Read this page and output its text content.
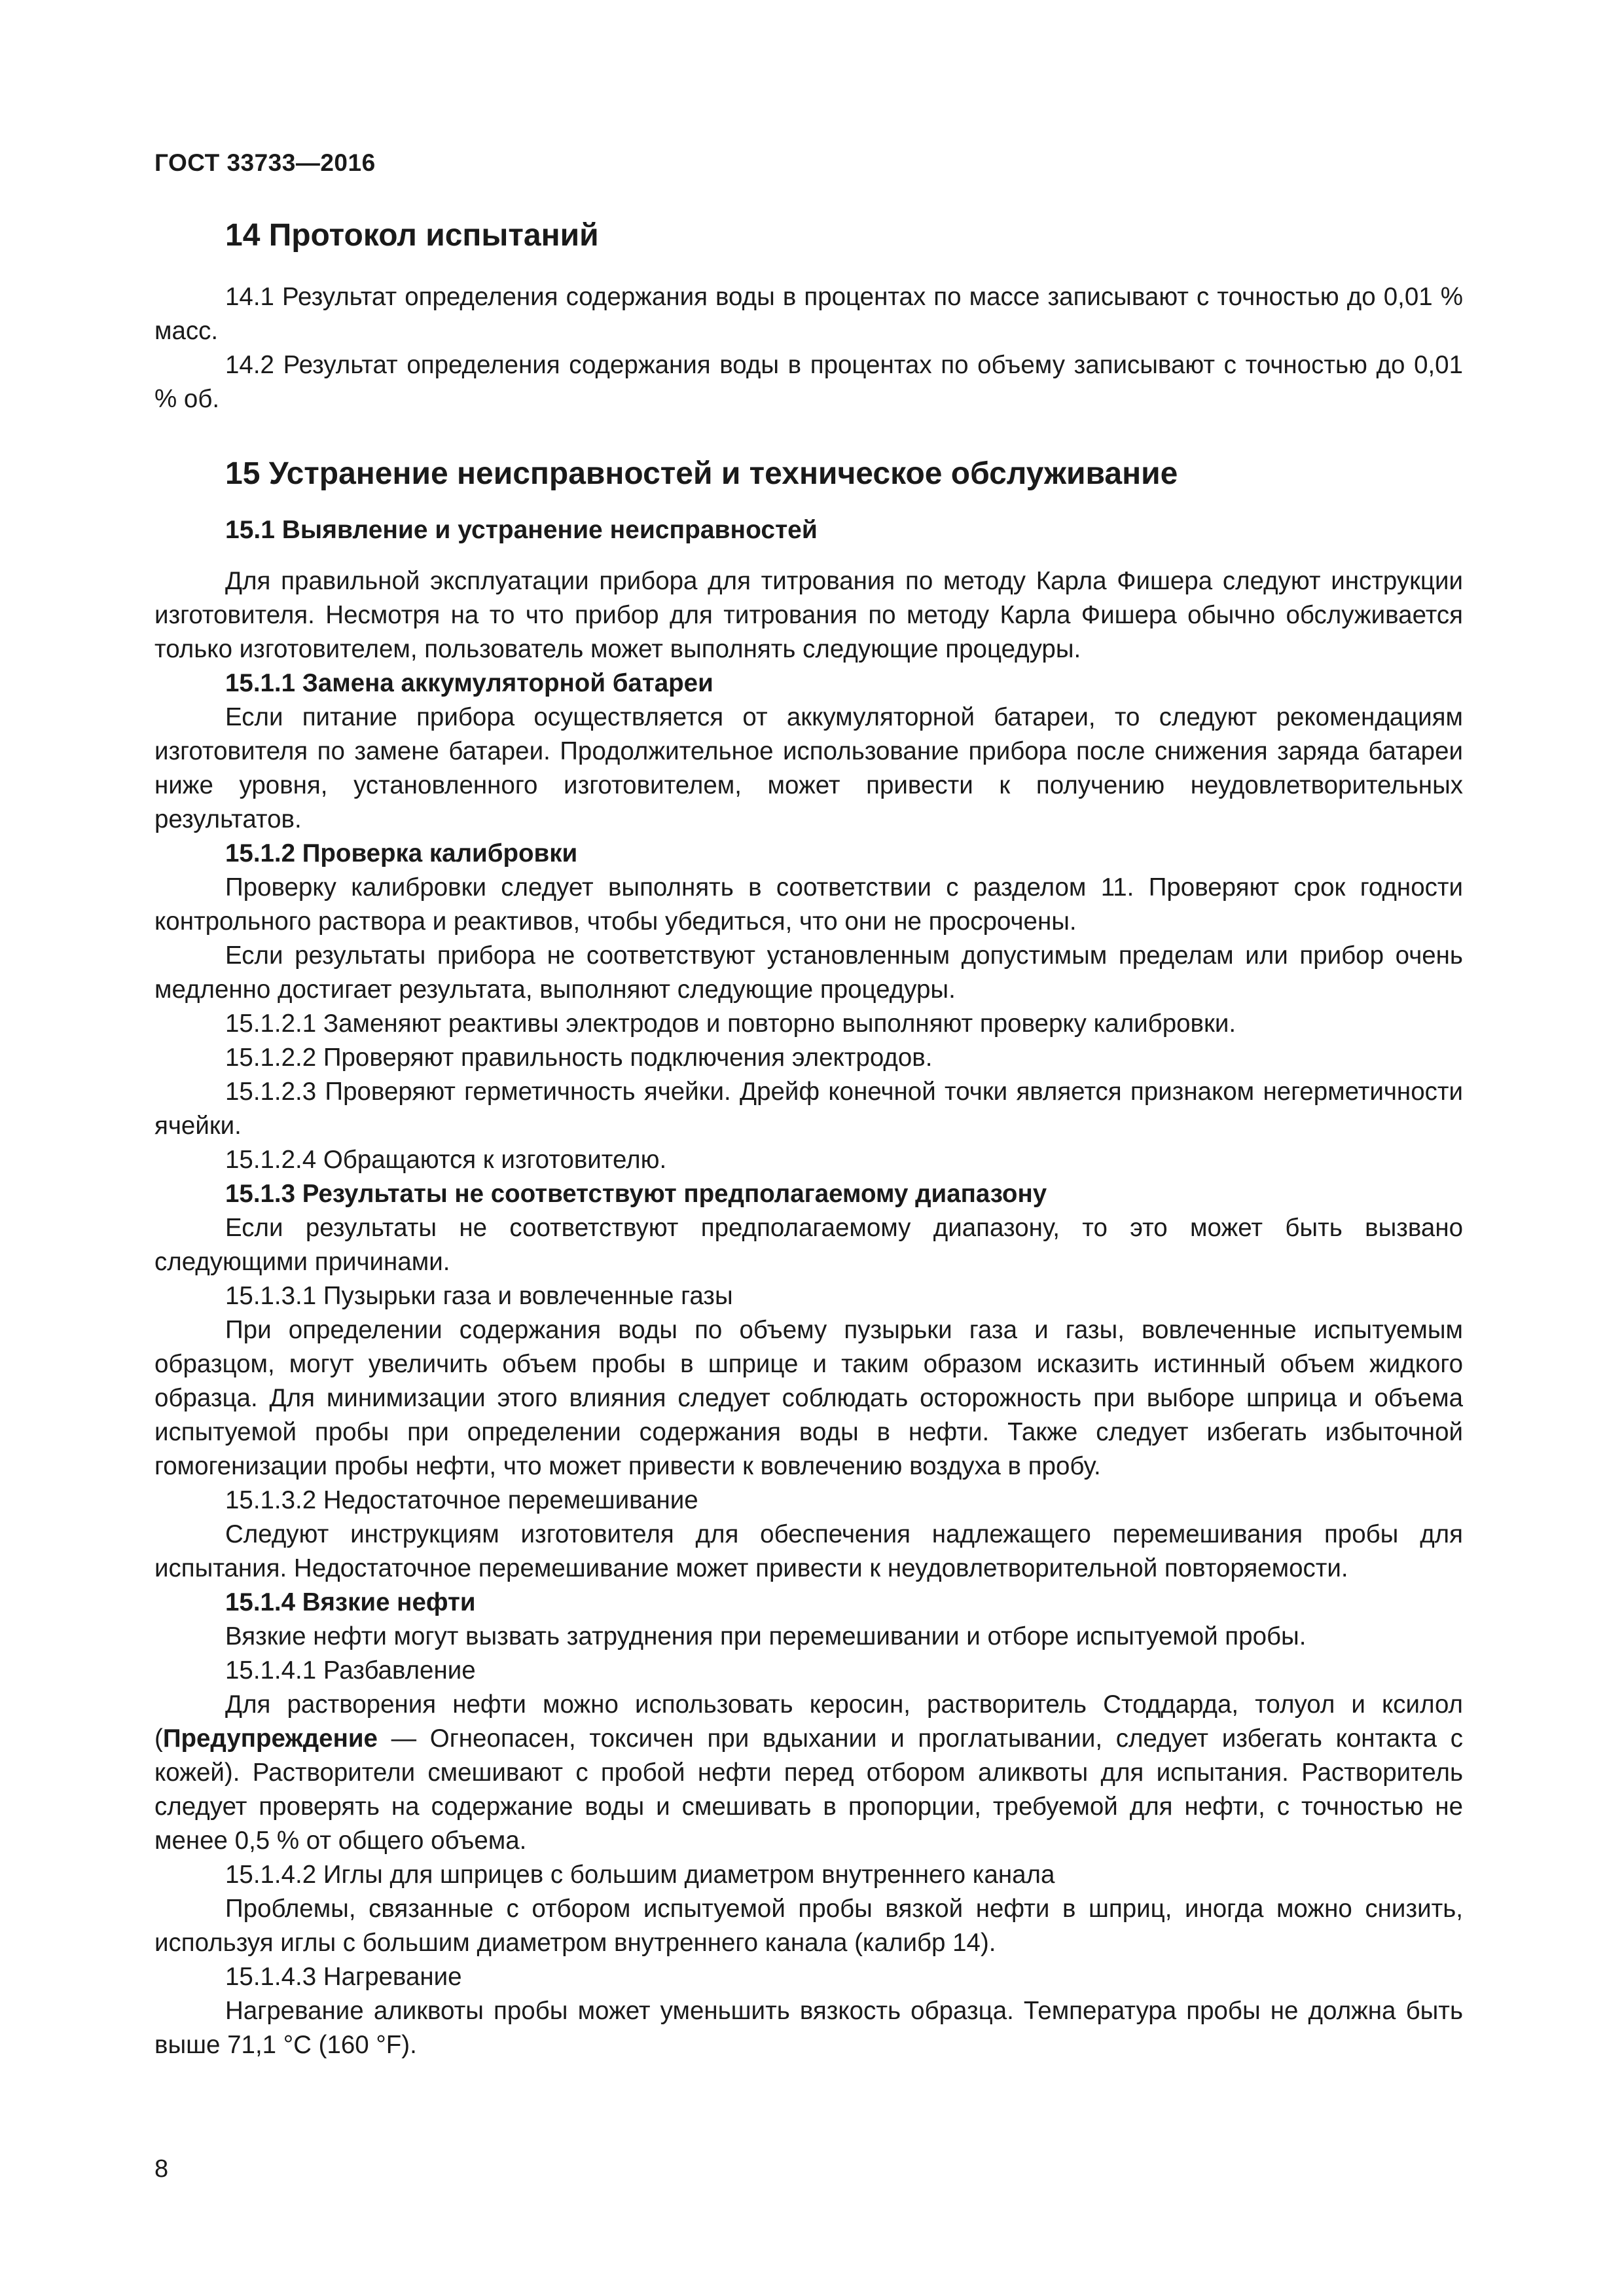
ГОСТ 33733—2016
14 Протокол испытаний

14.1 Результат определения содержания воды в процентах по массе записывают с точностью до 0,01 % масс.

14.2 Результат определения содержания воды в процентах по объему записывают с точностью до 0,01 % об.

15 Устранение неисправностей и техническое обслуживание
15.1 Выявление и устранение неисправностей

Для правильной эксплуатации прибора для титрования по методу Карла Фишера следуют инструкции изготовителя. Несмотря на то что прибор для титрования по методу Карла Фишера обычно обслуживается только изготовителем, пользователь может выполнять следующие процедуры.

15.1.1 Замена аккумуляторной батареи

Если питание прибора осуществляется от аккумуляторной батареи, то следуют рекомендациям изготовителя по замене батареи. Продолжительное использование прибора после снижения заряда батареи ниже уровня, установленного изготовителем, может привести к получению неудовлетворительных результатов.

15.1.2 Проверка калибровки

Проверку калибровки следует выполнять в соответствии с разделом 11. Проверяют срок годности контрольного раствора и реактивов, чтобы убедиться, что они не просрочены.

Если результаты прибора не соответствуют установленным допустимым пределам или прибор очень медленно достигает результата, выполняют следующие процедуры.

15.1.2.1 Заменяют реактивы электродов и повторно выполняют проверку калибровки.

15.1.2.2 Проверяют правильность подключения электродов.

15.1.2.3 Проверяют герметичность ячейки. Дрейф конечной точки является признаком негерметичности ячейки.

15.1.2.4 Обращаются к изготовителю.

15.1.3 Результаты не соответствуют предполагаемому диапазону

Если результаты не соответствуют предполагаемому диапазону, то это может быть вызвано следующими причинами.

15.1.3.1 Пузырьки газа и вовлеченные газы

При определении содержания воды по объему пузырьки газа и газы, вовлеченные испытуемым образцом, могут увеличить объем пробы в шприце и таким образом исказить истинный объем жидкого образца. Для минимизации этого влияния следует соблюдать осторожность при выборе шприца и объема испытуемой пробы при определении содержания воды в нефти. Также следует избегать избыточной гомогенизации пробы нефти, что может привести к вовлечению воздуха в пробу.

15.1.3.2 Недостаточное перемешивание

Следуют инструкциям изготовителя для обеспечения надлежащего перемешивания пробы для испытания. Недостаточное перемешивание может привести к неудовлетворительной повторяемости.

15.1.4 Вязкие нефти

Вязкие нефти могут вызвать затруднения при перемешивании и отборе испытуемой пробы.

15.1.4.1 Разбавление

Для растворения нефти можно использовать керосин, растворитель Стоддарда, толуол и ксилол (Предупреждение — Огнеопасен, токсичен при вдыхании и проглатывании, следует избегать контакта с кожей). Растворители смешивают с пробой нефти перед отбором аликвоты для испытания. Растворитель следует проверять на содержание воды и смешивать в пропорции, требуемой для нефти, с точностью не менее 0,5 % от общего объема.

15.1.4.2 Иглы для шприцев с большим диаметром внутреннего канала

Проблемы, связанные с отбором испытуемой пробы вязкой нефти в шприц, иногда можно снизить, используя иглы с большим диаметром внутреннего канала (калибр 14).

15.1.4.3 Нагревание

Нагревание аликвоты пробы может уменьшить вязкость образца. Температура пробы не должна быть выше 71,1 °С (160 °F).

8
